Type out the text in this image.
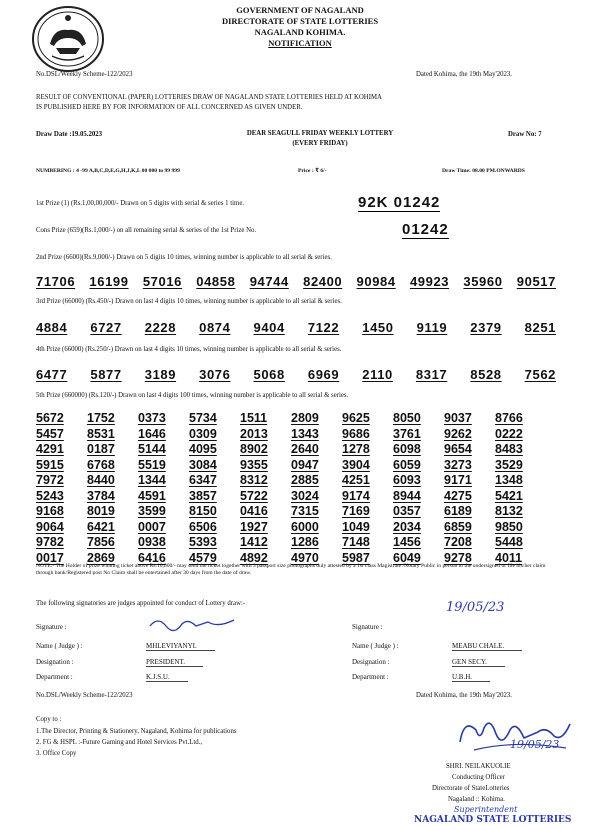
GOVERNMENT OF NAGALAND
DIRECTORATE OF STATE LOTTERIES
NAGALAND KOHIMA.
NOTIFICATION
No.DSL/Weekly Scheme-122/2023	Dated Kohima, the 19th May'2023.
RESULT OF CONVENTIONAL (PAPER) LOTTERIES DRAW OF NAGALAND STATE LOTTERIES HELD AT KOHIMA
IS PUBLISHED HERE BY FOR INFORMATION OF ALL CONCERNED AS GIVEN UNDER.
Draw Date :19.05.2023	DEAR SEAGULL FRIDAY WEEKLY LOTTERY
(EVERY FRIDAY)
Draw No: 7
NUMBERING : 4 -99 A,B,C,D,E,G,H,J,K,L 00 000 to 99 999	Price : ₹ 6/-	Draw Time: 08.00 PM.ONWARDS
1st Prize (1) (Rs.1,00,00,000/- Drawn on 5 digits with serial & series 1 time.	92K 01242
Cons Prize (659)(Rs.1,000/-) on all remaining serial & series of the 1st Prize No.	01242
2nd Prize (6600)(Rs.9,000/-) Drawn on 5 digits 10 times, winning number is applicable to all serial & series.
71706 16199 57016 04858 94744 82400 90984 49923 35960 90517
3rd Prize (66000) (Rs.450/-) Drawn on last 4 digits 10 times, winning number is applicable to all serial & series.
4884 6727 2228 0874 9404 7122 1450 9119 2379 8251
4th Prize (66000) (Rs.250/-) Drawn on last 4 digits 10 times, winning number is applicable to all serial & series.
6477 5877 3189 3076 5068 6969 2110 8317 8528 7562
5th Prize (660000) (Rs.120/-) Drawn on last 4 digits 100 times, winning number is applicable to all serial & series.
5672	1752	0373	5734	1511	2809	9625	8050	9037	8766
5457	8531	1646	0309	2013	1343	9686	3761	9262	0222
4291	0187	5144	4095	8902	2640	1278	6098	9654	8483
5915	6768	5519	3084	9355	0947	3904	6059	3273	3529
7972	8440	1344	6347	8312	2885	4251	6093	9171	1348
5243	3784	4591	3857	5722	3024	9174	8944	4275	5421
9168	8019	3599	8150	0416	7315	7169	0357	6189	8132
9064	6421	0007	6506	1927	6000	1049	2034	6859	9850
9782	7856	0938	5393	1412	1286	7148	1456	7208	5448
0017	2869	6416	4579	4892	4970	5987	6049	9278	4011
NOTE:- The Holder of prize winning ticket above Rs.10,000/- may send the ticket together with 3 passport size photographs duly attested by a 1st class Magistrate /Notary Public in person to the undersigned or file his/her claim through bank/Registered post No Claim shall be entertained after 30 days from the date of draw.
The following signatories are judges appointed for conduct of Lottery draw:-
Signature :
Name ( Judge ) :	MHLEVIYANYI.
Designation :	PRESIDENT.
Department :	K.J.S.U.
19/05/23
Signature :
Name ( Judge ) :	MEABU CHALE.
Designation :	GEN SECY.
Department :	U.B.H.
No.DSL/Weekly Scheme-122/2023	Dated Kohima, the 19th May'2023.
Copy to :
1.The Director, Printing & Stationery, Nagaland, Kohima for publications
2. FG & HSPL :-Future Gaming and Hotel Services Pvt.Ltd.,
3. Office Copy
19/05/23
SHRI. NEILAKUOLIE
Conducting Officer
Directorate of StateLotteries
Nagaland :: Kohima.
Superintendent
NAGALAND STATE LOTTERIES
